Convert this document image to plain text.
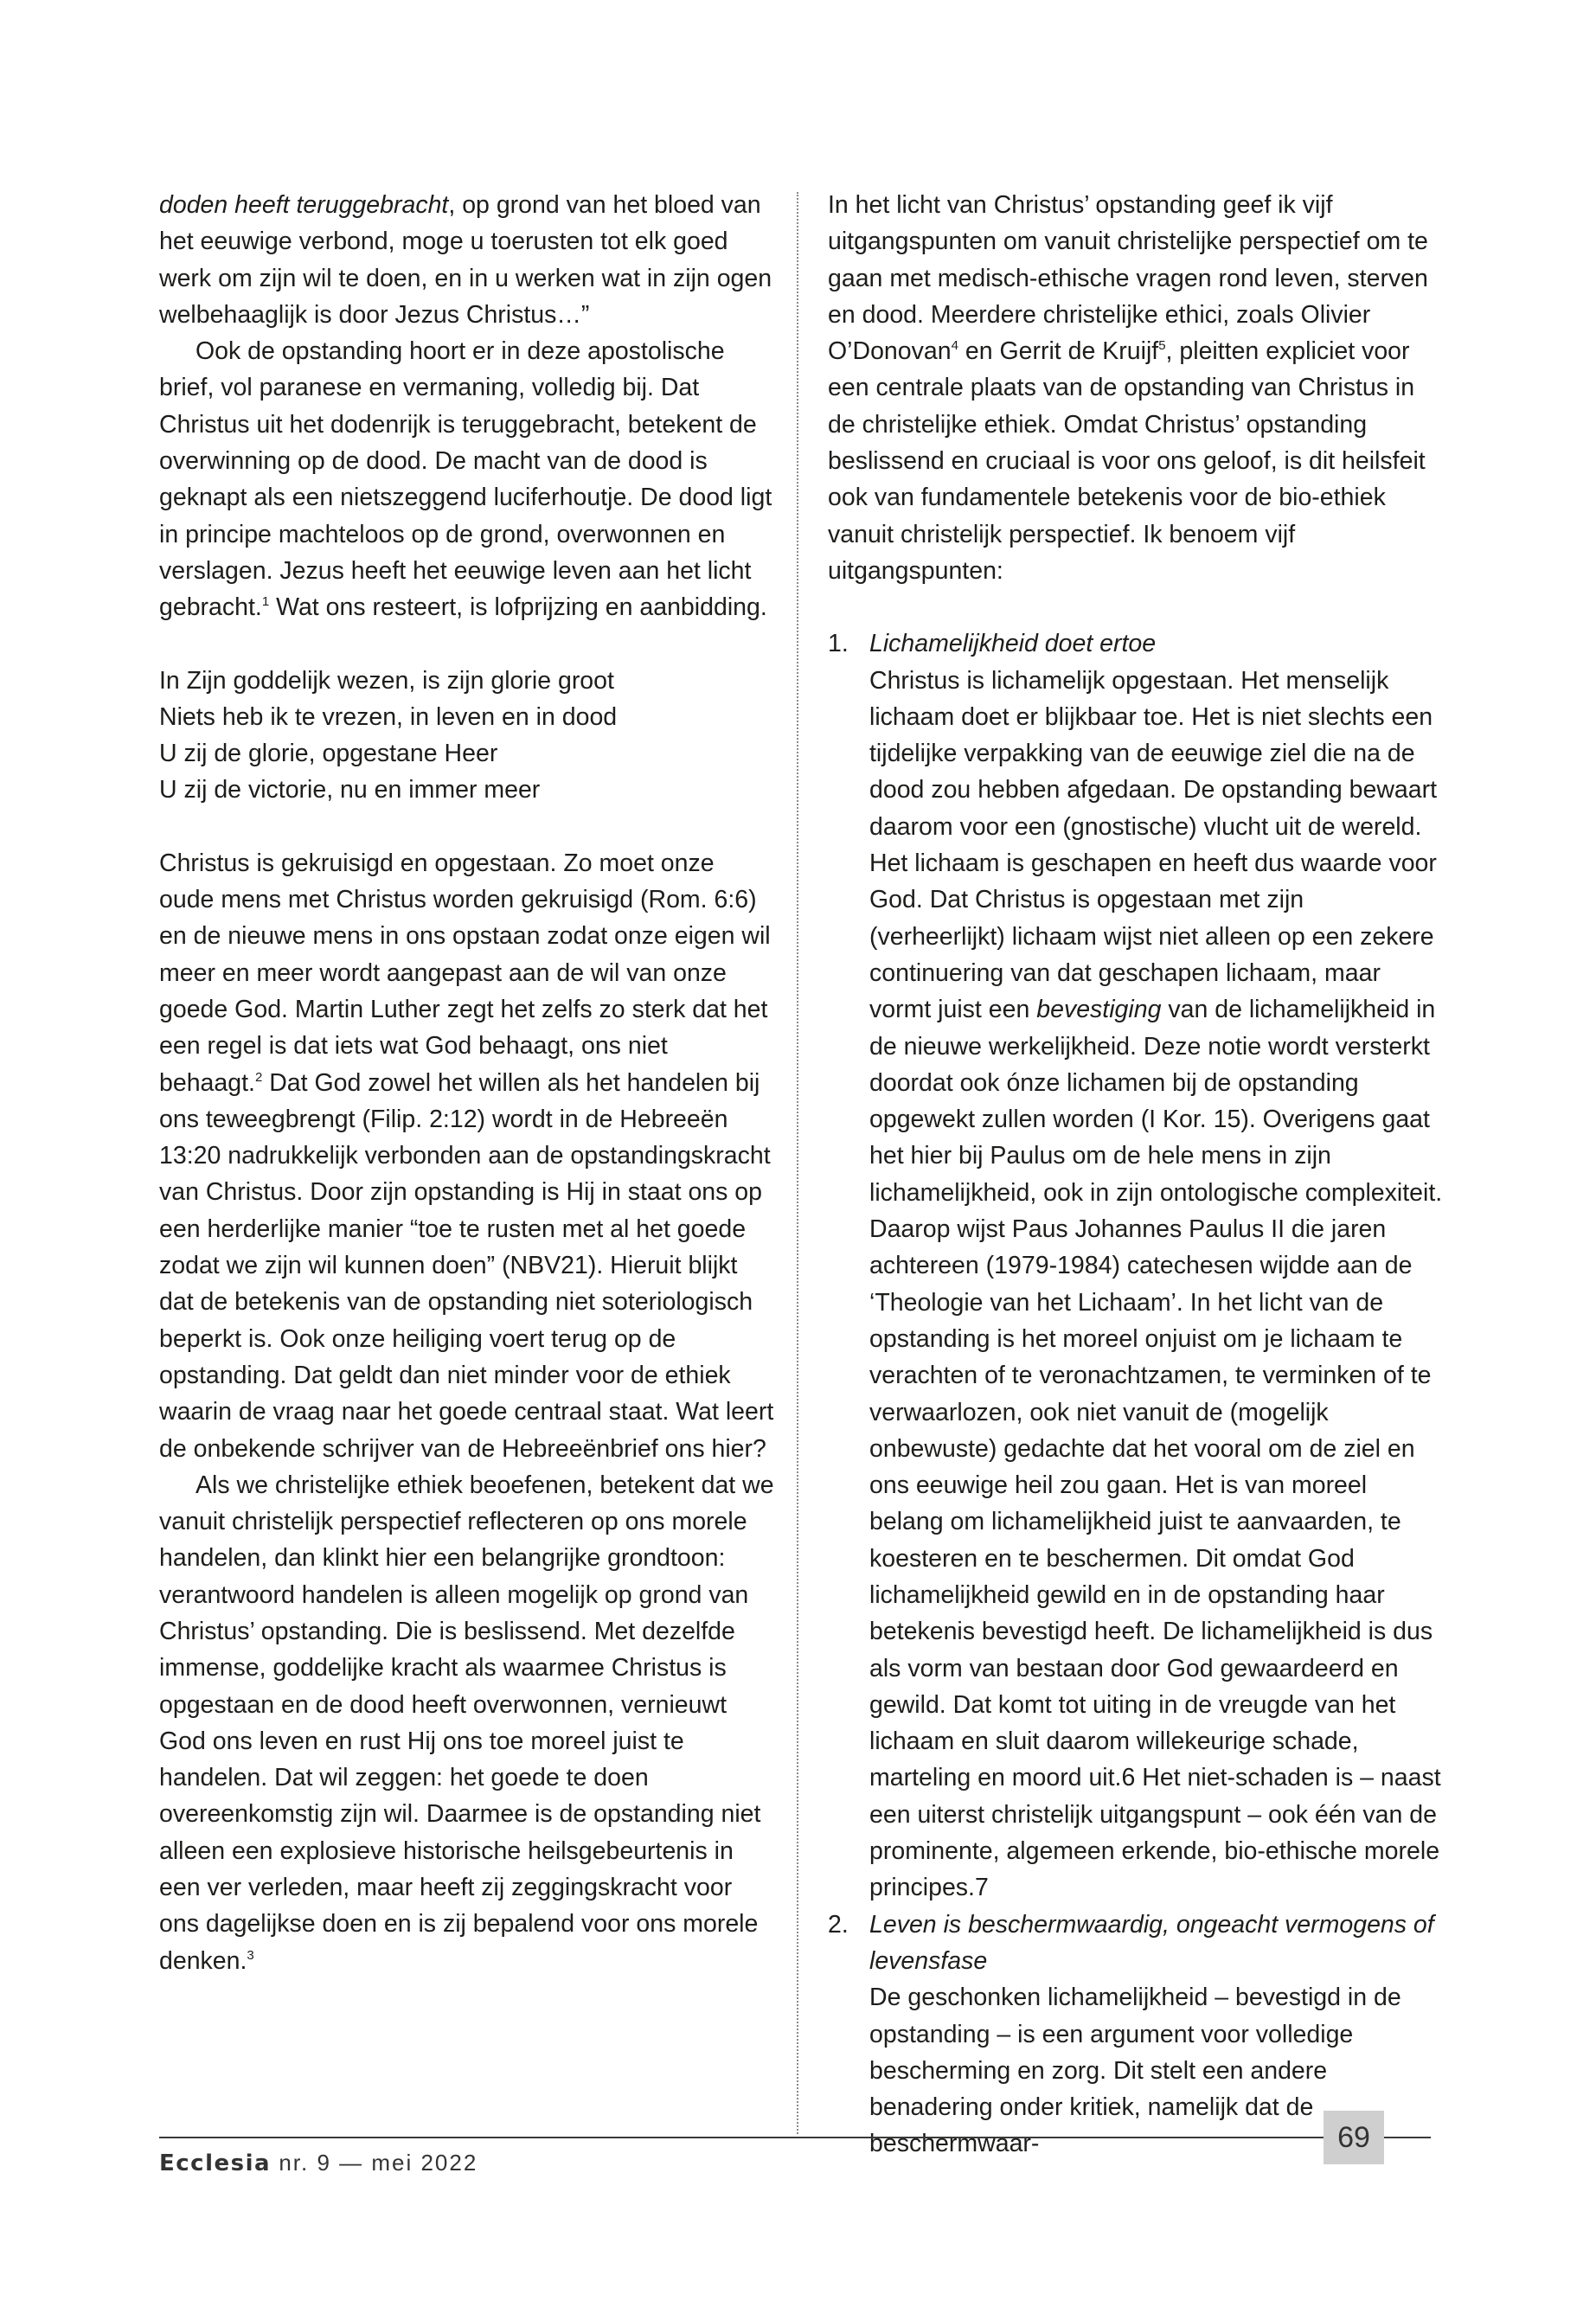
doden heeft teruggebracht, op grond van het bloed van het eeuwige verbond, moge u toerusten tot elk goed werk om zijn wil te doen, en in u werken wat in zijn ogen welbehaaglijk is door Jezus Christus…”

Ook de opstanding hoort er in deze apostolische brief, vol paranese en vermaning, volledig bij. Dat Christus uit het dodenrijk is teruggebracht, betekent de overwinning op de dood. De macht van de dood is geknapt als een nietszeggend luciferhoutje. De dood ligt in principe machteloos op de grond, overwonnen en verslagen. Jezus heeft het eeuwige leven aan het licht gebracht.$^1$ Wat ons resteert, is lofprijzing en aanbidding.

In Zijn goddelijk wezen, is zijn glorie groot

Niets heb ik te vrezen, in leven en in dood

U zij de glorie, opgestane Heer

U zij de victorie, nu en immer meer

Christus is gekruisigd en opgestaan. Zo moet onze oude mens met Christus worden gekruisigd (Rom. 6:6) en de nieuwe mens in ons opstaan zodat onze eigen wil meer en meer wordt aangepast aan de wil van onze goede God. Martin Luther zegt het zelfs zo sterk dat het een regel is dat iets wat God behaagt, ons niet behaagt.$^2$ Dat God zowel het willen als het handelen bij ons teweegbrengt (Filip. 2:12) wordt in de Hebreeën 13:20 nadrukkelijk verbonden aan de opstandingskracht van Christus. Door zijn opstanding is Hij in staat ons op een herderlijke manier “toe te rusten met al het goede zodat we zijn wil kunnen doen” (NBV21). Hieruit blijkt dat de betekenis van de opstanding niet soteriologisch beperkt is. Ook onze heiliging voert terug op de opstanding. Dat geldt dan niet minder voor de ethiek waarin de vraag naar het goede centraal staat. Wat leert de onbekende schrijver van de Hebreeënbrief ons hier?

Als we christelijke ethiek beoefenen, betekent dat we vanuit christelijk perspectief reflecteren op ons morele handelen, dan klinkt hier een belangrijke grondtoon: verantwoord handelen is alleen mogelijk op grond van Christus’ opstanding. Die is beslissend. Met dezelfde immense, goddelijke kracht als waarmee Christus is opgestaan en de dood heeft overwonnen, vernieuwt God ons leven en rust Hij ons toe moreel juist te handelen. Dat wil zeggen: het goede te doen overeenkomstig zijn wil. Daarmee is de opstanding niet alleen een explosieve historische heilsgebeurtenis in een ver verleden, maar heeft zij zeggingskracht voor ons dagelijkse doen en is zij bepalend voor ons morele denken.$^3$

In het licht van Christus’ opstanding geef ik vijf uitgangspunten om vanuit christelijke perspectief om te gaan met medisch-ethische vragen rond leven, sterven en dood. Meerdere christelijke ethici, zoals Olivier O’Donovan$^4$ en Gerrit de Kruijf$^5$, pleitten expliciet voor een centrale plaats van de opstanding van Christus in de christelijke ethiek. Omdat Christus’ opstanding beslissend en cruciaal is voor ons geloof, is dit heilsfeit ook van fundamentele betekenis voor de bio-ethiek vanuit christelijk perspectief. Ik benoem vijf uitgangspunten:

1. Lichamelijkheid doet ertoe

Christus is lichamelijk opgestaan. Het menselijk lichaam doet er blijkbaar toe. Het is niet slechts een tijdelijke verpakking van de eeuwige ziel die na de dood zou hebben afgedaan. De opstanding bewaart daarom voor een (gnostische) vlucht uit de wereld. Het lichaam is geschapen en heeft dus waarde voor God. Dat Christus is opgestaan met zijn (verheerlijkt) lichaam wijst niet alleen op een zekere continuering van dat geschapen lichaam, maar vormt juist een bevestiging van de lichamelijkheid in de nieuwe werkelijkheid. Deze notie wordt versterkt doordat ook ónze lichamen bij de opstanding opgewekt zullen worden (I Kor. 15). Overigens gaat het hier bij Paulus om de hele mens in zijn lichamelijkheid, ook in zijn ontologische complexiteit. Daarop wijst Paus Johannes Paulus II die jaren achtereen (1979-1984) catechesen wijdde aan de ‘Theologie van het Lichaam’. In het licht van de opstanding is het moreel onjuist om je lichaam te verachten of te veronachtzamen, te verminken of te verwaarlozen, ook niet vanuit de (mogelijk onbewuste) gedachte dat het vooral om de ziel en ons eeuwige heil zou gaan. Het is van moreel belang om lichamelijkheid juist te aanvaarden, te koesteren en te beschermen. Dit omdat God lichamelijkheid gewild en in de opstanding haar betekenis bevestigd heeft. De lichamelijkheid is dus als vorm van bestaan door God gewaardeerd en gewild. Dat komt tot uiting in de vreugde van het lichaam en sluit daarom willekeurige schade, marteling en moord uit.6 Het niet-schaden is – naast een uiterst christelijk uitgangspunt – ook één van de prominente, algemeen erkende, bio-ethische morele principes.7

2. Leven is beschermwaardig, ongeacht vermogens of levensfase

De geschonken lichamelijkheid – bevestigd in de opstanding – is een argument voor volledige bescherming en zorg. Dit stelt een andere benadering onder kritiek, namelijk dat de beschermwaar-

Ecclesia nr. 9 — mei 2022
69
